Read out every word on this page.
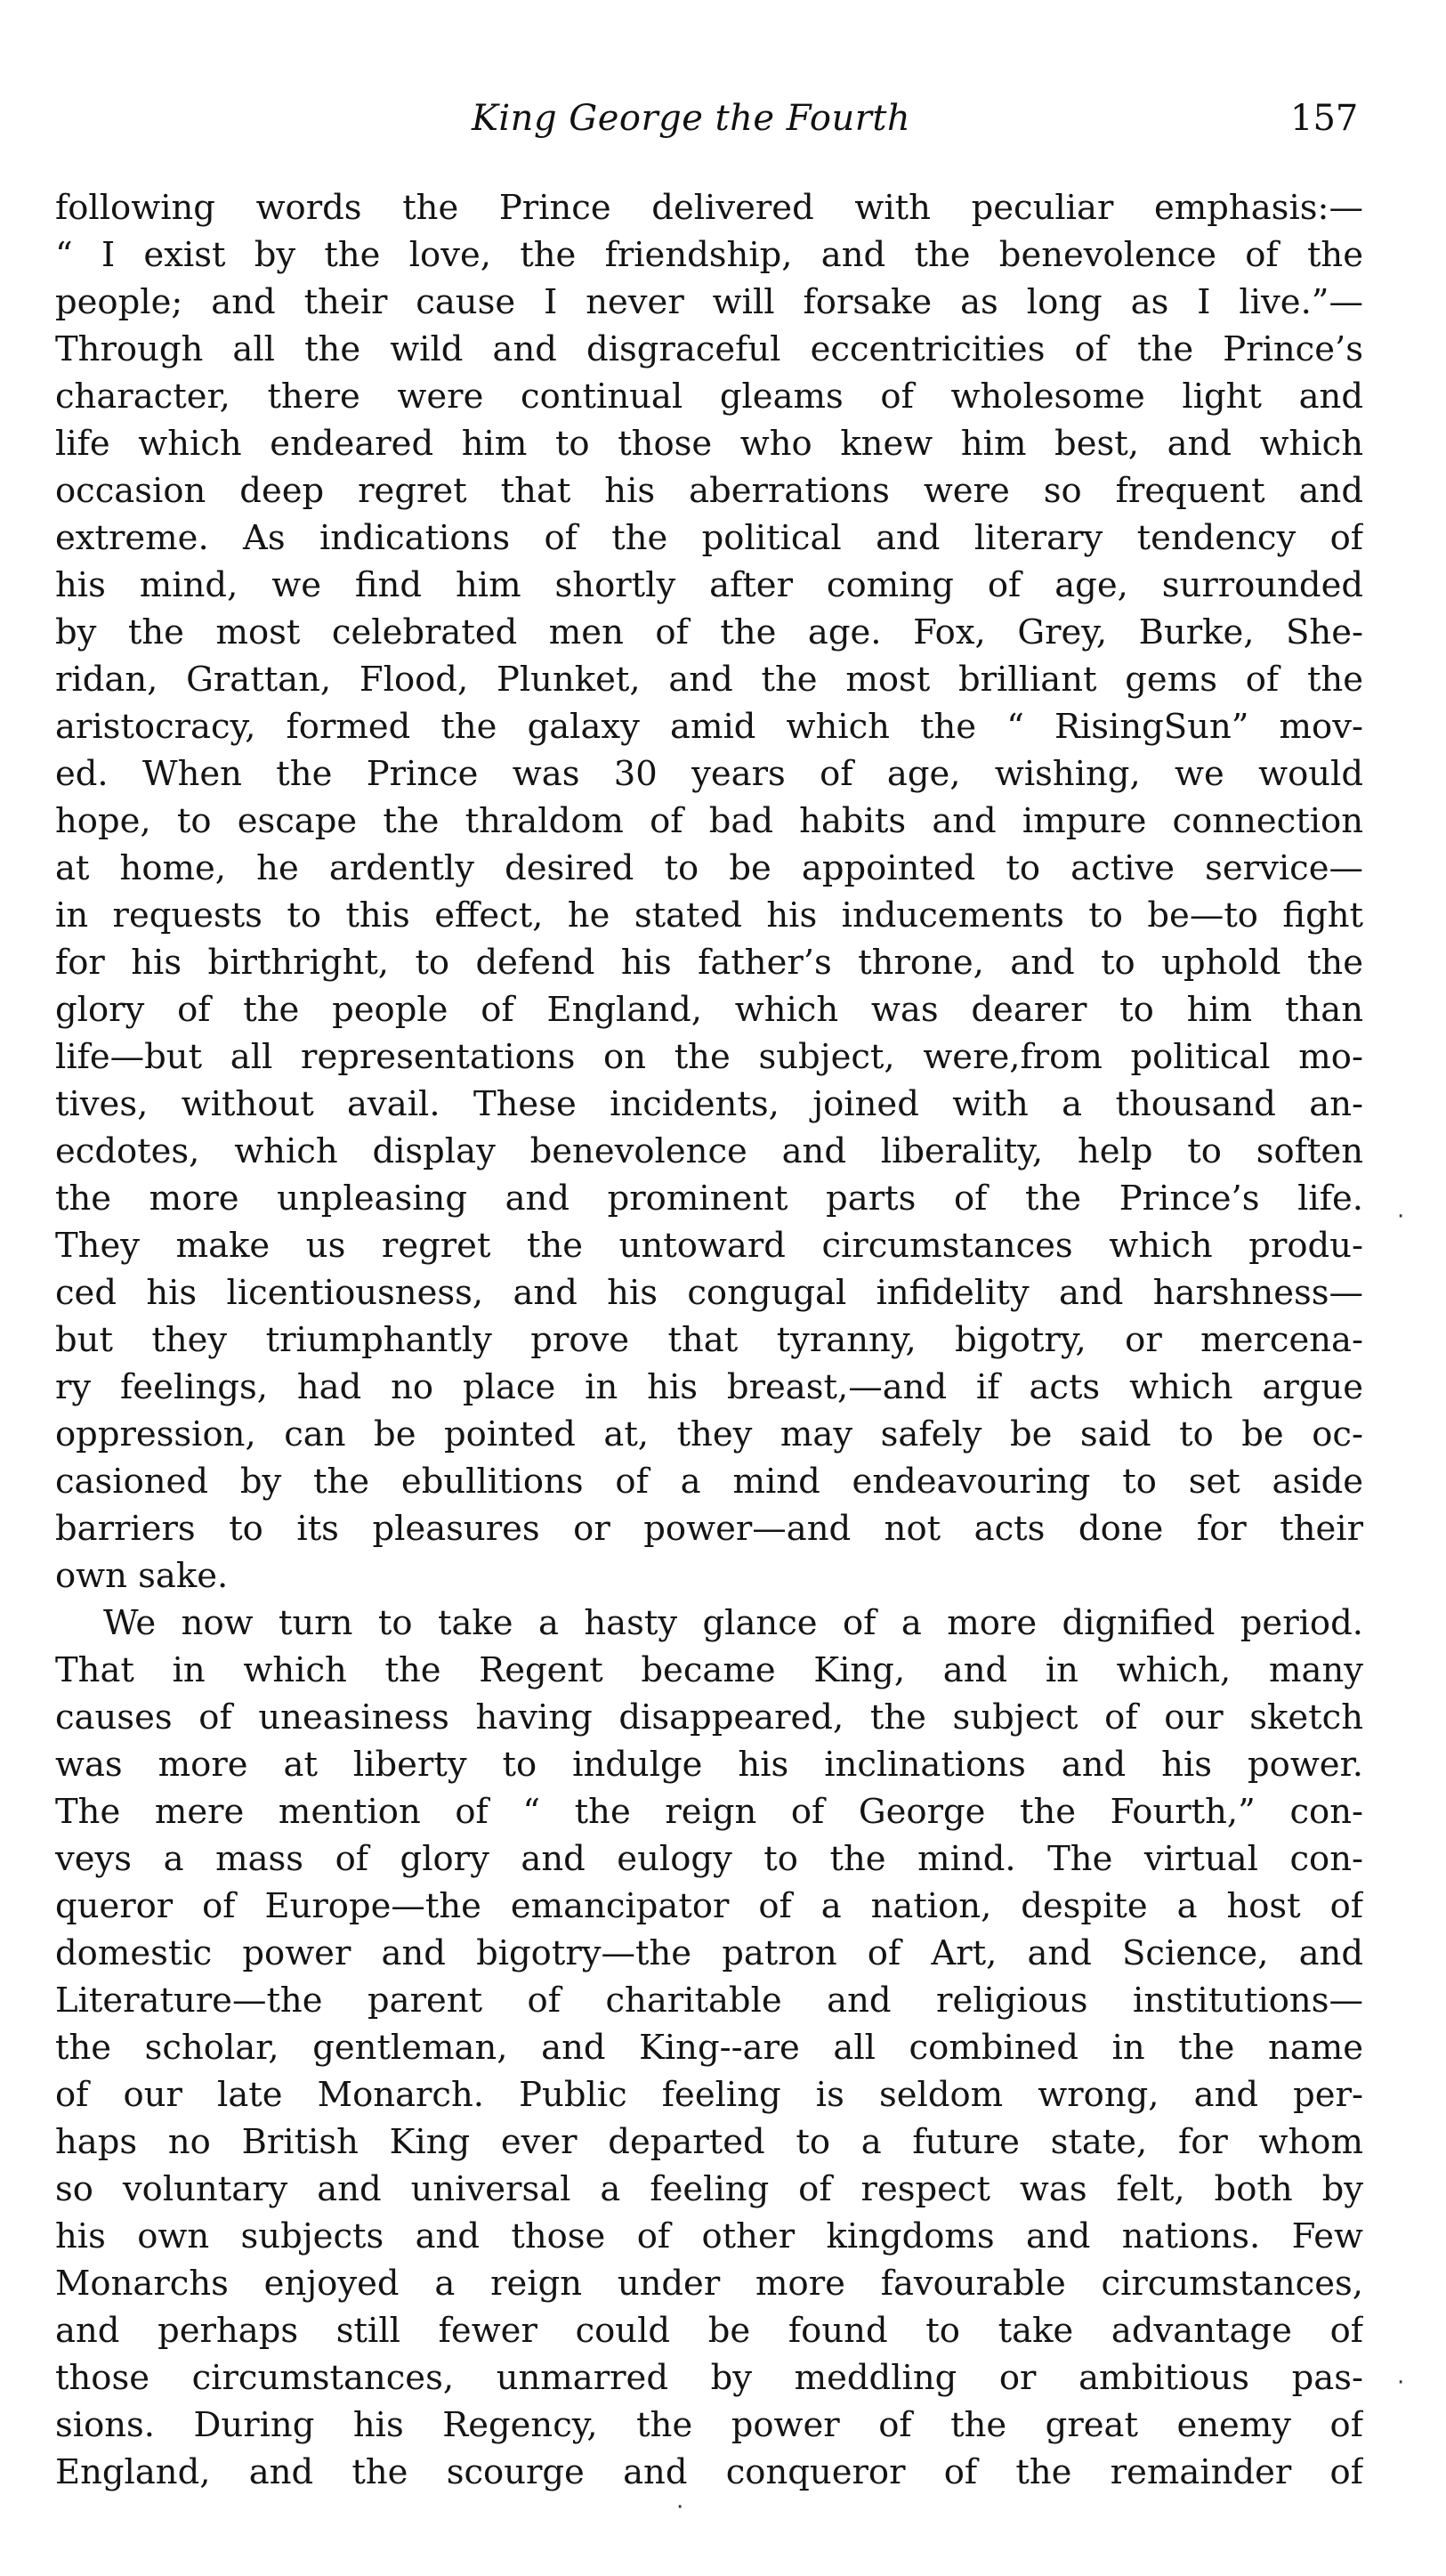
King George the Fourth	157
following words the Prince delivered with peculiar emphasis:—
“ I exist by the love, the friendship, and the benevolence of the
people; and their cause I never will forsake as long as I live.”—
Through all the wild and disgraceful eccentricities of the Prince’s
character, there were continual gleams of wholesome light and
life which endeared him to those who knew him best, and which
occasion deep regret that his aberrations were so frequent and
extreme. As indications of the political and literary tendency of
his mind, we find him shortly after coming of age, surrounded
by the most celebrated men of the age. Fox, Grey, Burke, She-
ridan, Grattan, Flood, Plunket, and the most brilliant gems of the
aristocracy, formed the galaxy amid which the “ RisingSun” mov-
ed. When the Prince was 30 years of age, wishing, we would
hope, to escape the thraldom of bad habits and impure connection
at home, he ardently desired to be appointed to active service—
in requests to this effect, he stated his inducements to be—to fight
for his birthright, to defend his father’s throne, and to uphold the
glory of the people of England, which was dearer to him than
life—but all representations on the subject, were,from political mo-
tives, without avail. These incidents, joined with a thousand an-
ecdotes, which display benevolence and liberality, help to soften
the more unpleasing and prominent parts of the Prince’s life.
They make us regret the untoward circumstances which produ-
ced his licentiousness, and his congugal infidelity and harshness—
but they triumphantly prove that tyranny, bigotry, or mercena-
ry feelings, had no place in his breast,—and if acts which argue
oppression, can be pointed at, they may safely be said to be oc-
casioned by the ebullitions of a mind endeavouring to set aside
barriers to its pleasures or power—and not acts done for their
own sake.
We now turn to take a hasty glance of a more dignified period.
That in which the Regent became King, and in which, many
causes of uneasiness having disappeared, the subject of our sketch
was more at liberty to indulge his inclinations and his power.
The mere mention of “ the reign of George the Fourth,” con-
veys a mass of glory and eulogy to the mind. The virtual con-
queror of Europe—the emancipator of a nation, despite a host of
domestic power and bigotry—the patron of Art, and Science, and
Literature—the parent of charitable and religious institutions—
the scholar, gentleman, and King--are all combined in the name
of our late Monarch. Public feeling is seldom wrong, and per-
haps no British King ever departed to a future state, for whom
so voluntary and universal a feeling of respect was felt, both by
his own subjects and those of other kingdoms and nations. Few
Monarchs enjoyed a reign under more favourable circumstances,
and perhaps still fewer could be found to take advantage of
those circumstances, unmarred by meddling or ambitious pas-
sions. During his Regency, the power of the great enemy of
England, and the scourge and conqueror of the remainder of
·
·
·
